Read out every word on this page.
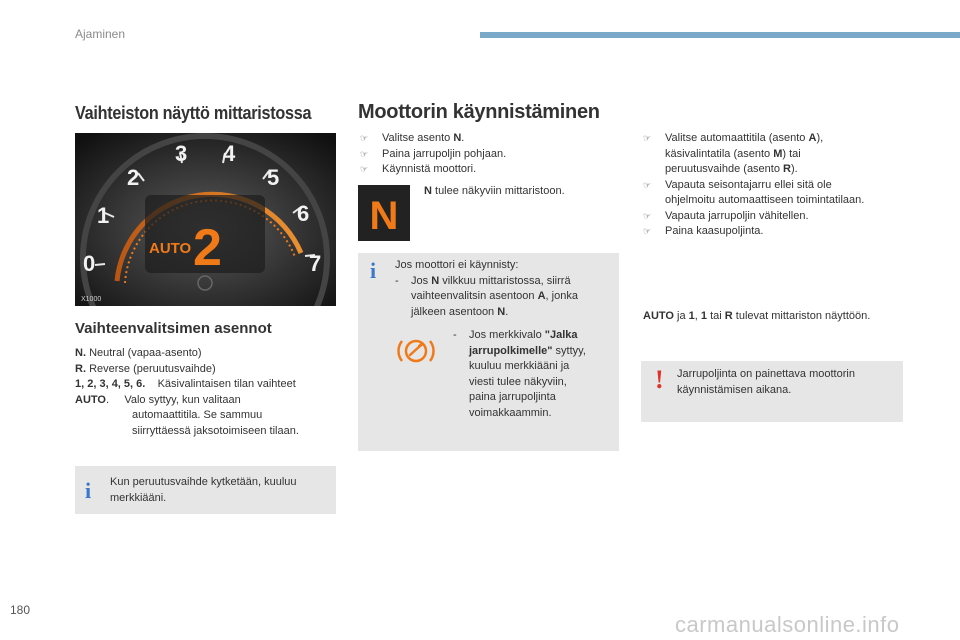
Ajaminen
Vaihteiston näyttö mittaristossa
0
1
2
3 4
5
6
7
AUTO 2
X1000
Vaihteenvalitsimen asennot
N. Neutral (vapaa-asento)
R. Reverse (peruutusvaihde)
1, 2, 3, 4, 5, 6. Käsivalintaisen tilan vaihteet
AUTO. Valo syttyy, kun valitaan
automaattitila. Se sammuu
siirryttäessä jaksotoimiseen tilaan.
i Kun peruutusvaihde kytketään, kuuluu
merkkiääni.
Moottorin käynnistäminen
☞ Valitse asento N.
☞ Paina jarrupoljin pohjaan.
☞ Käynnistä moottori.
N
N tulee näkyviin mittaristoon.
i Jos moottori ei käynnisty:
-	Jos N vilkkuu mittaristossa, siirrä
vaihteenvalitsin asentoon A, jonka
jälkeen asentoon N.
-	Jos merkkivalo "Jalka
jarrupolkimelle" syttyy,
kuuluu merkkiääni ja
viesti tulee näkyviin,
paina jarrupoljinta
voimakkaammin.
☞ Valitse automaattitila (asento A),
käsivalintatila (asento M) tai
peruutusvaihde (asento R).
☞ Vapauta seisontajarru ellei sitä ole
ohjelmoitu automaattiseen toimintatilaan.
☞ Vapauta jarrupoljin vähitellen.
☞ Paina kaasupoljinta.
AUTO ja 1, 1 tai R tulevat mittariston näyttöön.
! Jarrupoljinta on painettava moottorin
käynnistämisen aikana.
180
carmanualsonline.info
